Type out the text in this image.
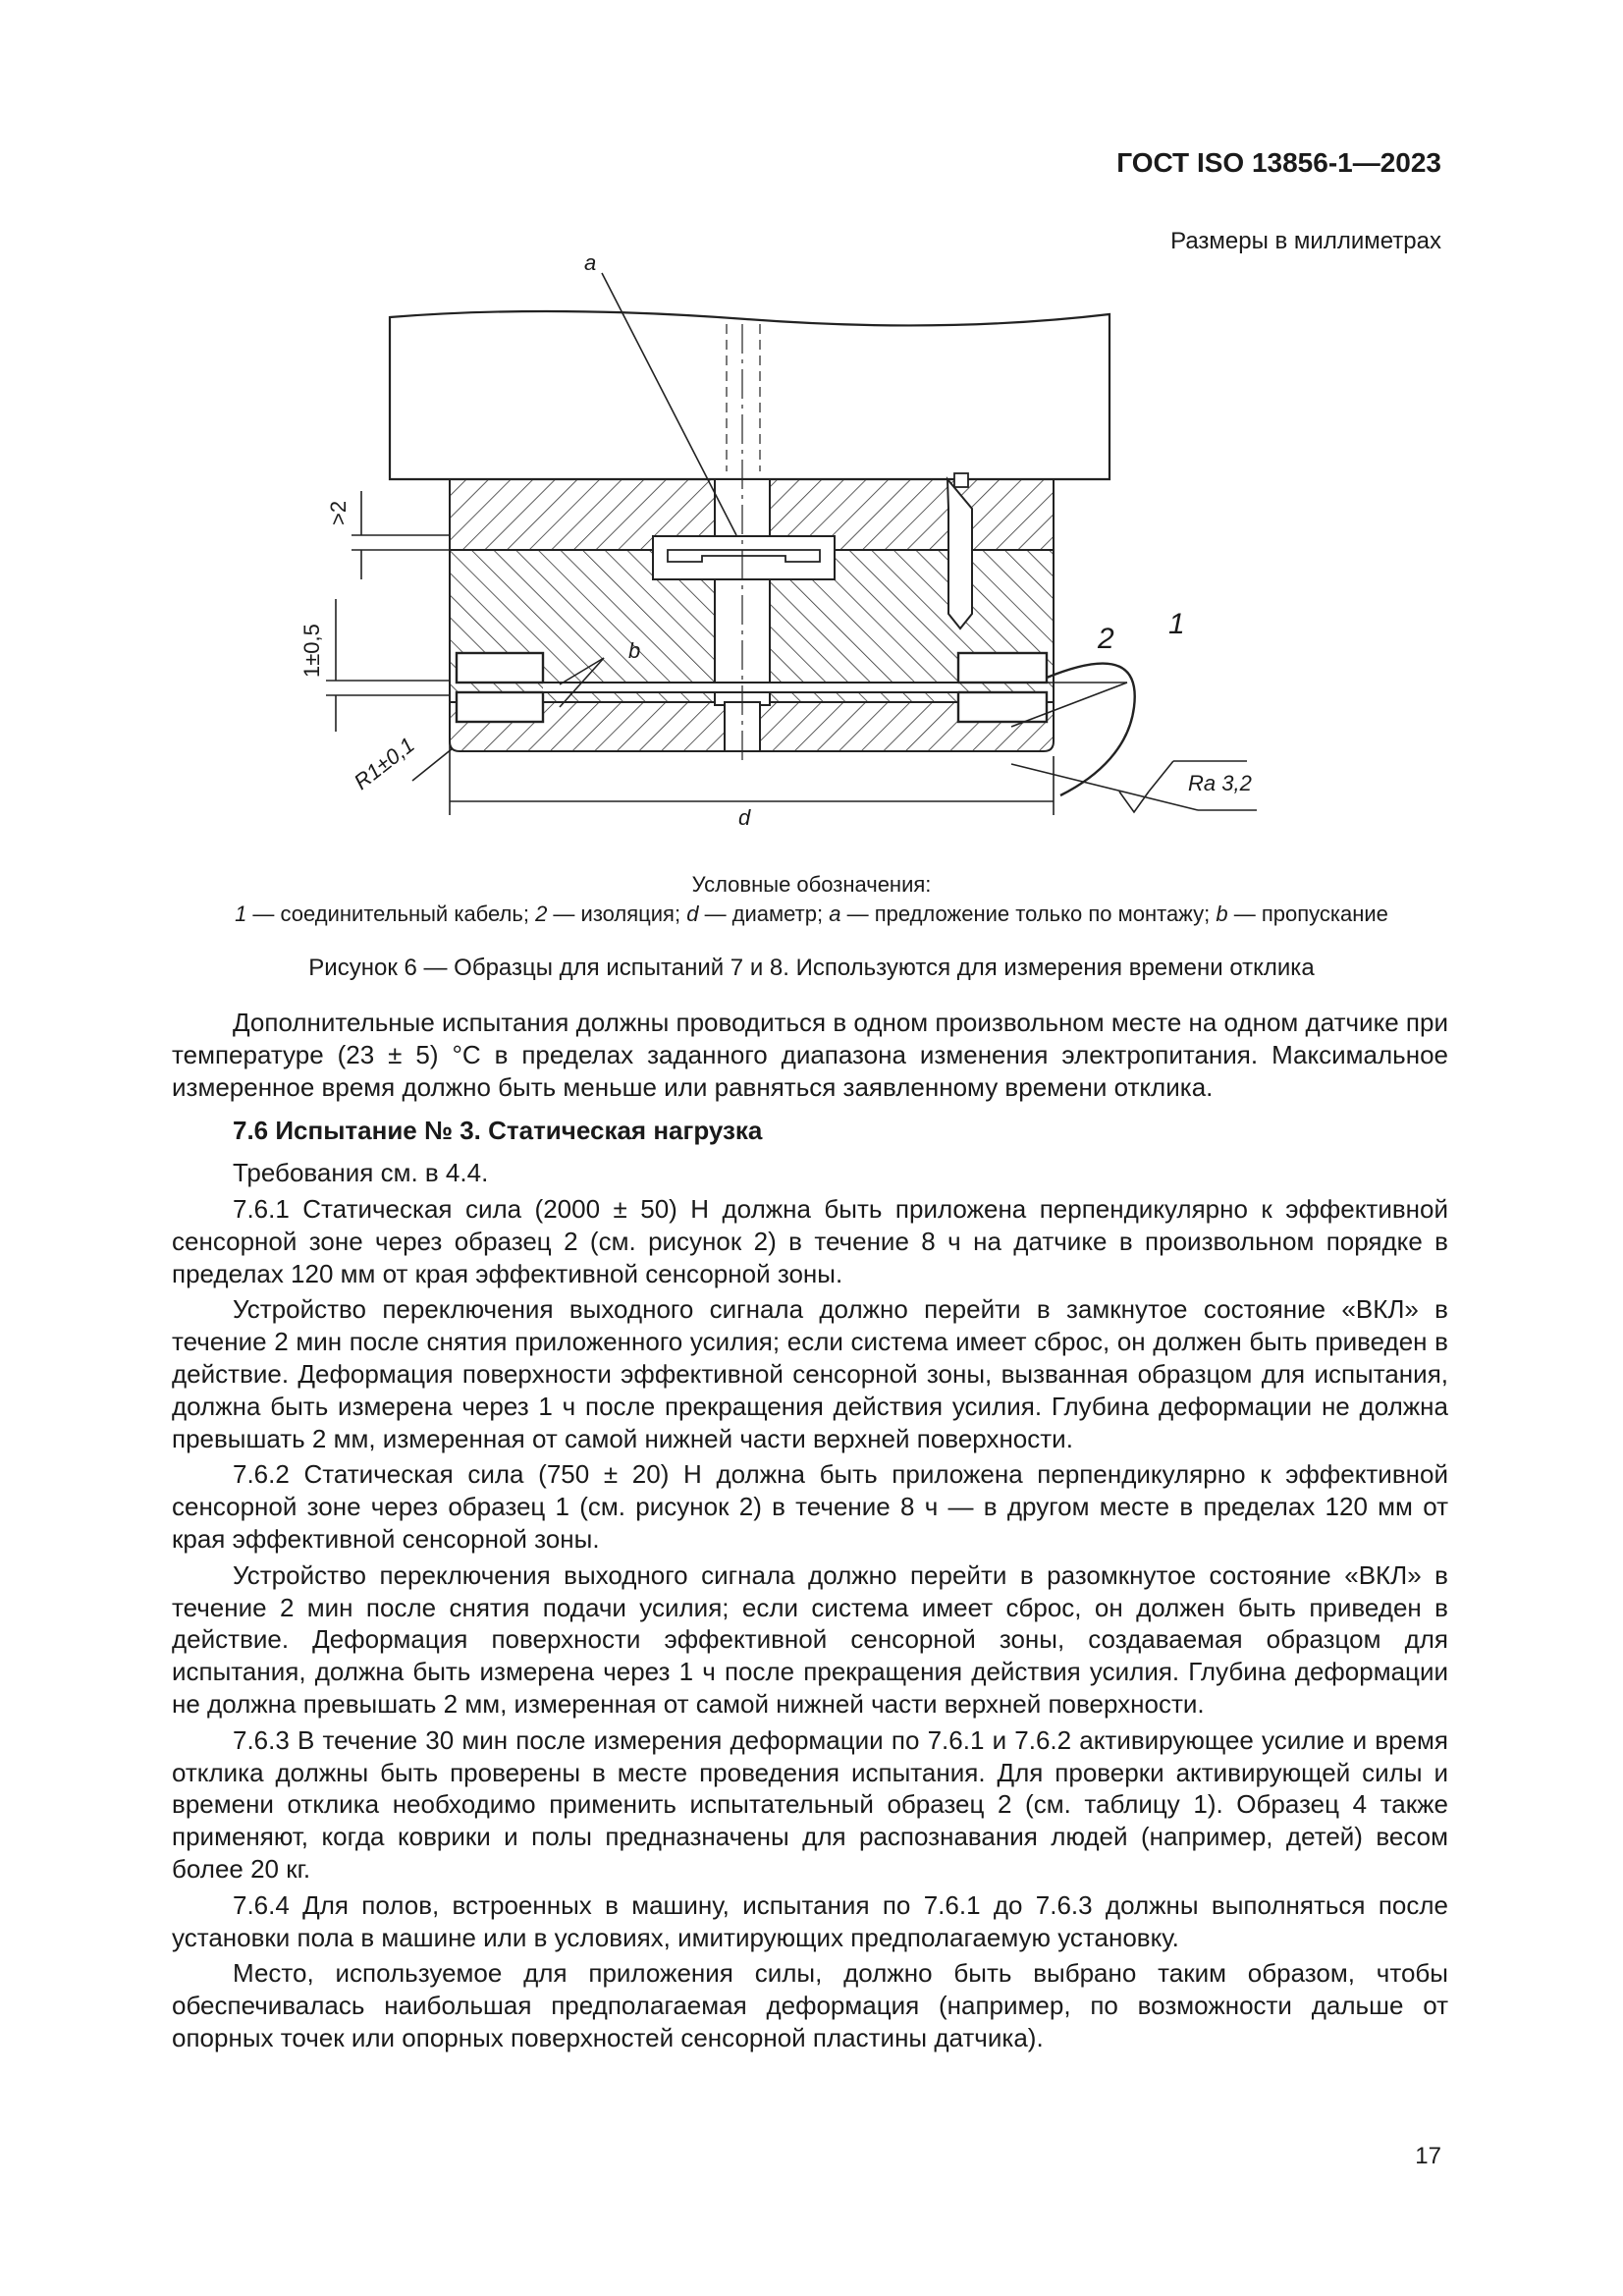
ГОСТ ISO 13856-1—2023
Размеры в миллиметрах
a
b	2 1
>2
1±0,5
R1±0,1
d
Ra 3,2
Условные обозначения:
1 — соединительный кабель; 2 — изоляция; d — диаметр; a — предложение только по монтажу; b — пропускание
Рисунок 6 — Образцы для испытаний 7 и 8. Используются для измерения времени отклика

Дополнительные испытания должны проводиться в одном произвольном месте на одном датчике при температуре (23 ± 5) °С в пределах заданного диапазона изменения электропитания. Максимальное измеренное время должно быть меньше или равняться заявленному времени отклика.

7.6 Испытание № 3. Статическая нагрузка

Требования см. в 4.4.

7.6.1 Статическая сила (2000 ± 50) Н должна быть приложена перпендикулярно к эффективной сенсорной зоне через образец 2 (см. рисунок 2) в течение 8 ч на датчике в произвольном порядке в пределах 120 мм от края эффективной сенсорной зоны.

Устройство переключения выходного сигнала должно перейти в замкнутое состояние «ВКЛ» в течение 2 мин после снятия приложенного усилия; если система имеет сброс, он должен быть приведен в действие. Деформация поверхности эффективной сенсорной зоны, вызванная образцом для испытания, должна быть измерена через 1 ч после прекращения действия усилия. Глубина деформации не должна превышать 2 мм, измеренная от самой нижней части верхней поверхности.

7.6.2 Статическая сила (750 ± 20) Н должна быть приложена перпендикулярно к эффективной сенсорной зоне через образец 1 (см. рисунок 2) в течение 8 ч — в другом месте в пределах 120 мм от края эффективной сенсорной зоны.

Устройство переключения выходного сигнала должно перейти в разомкнутое состояние «ВКЛ» в течение 2 мин после снятия подачи усилия; если система имеет сброс, он должен быть приведен в действие. Деформация поверхности эффективной сенсорной зоны, создаваемая образцом для испытания, должна быть измерена через 1 ч после прекращения действия усилия. Глубина деформации не должна превышать 2 мм, измеренная от самой нижней части верхней поверхности.

7.6.3 В течение 30 мин после измерения деформации по 7.6.1 и 7.6.2 активирующее усилие и время отклика должны быть проверены в месте проведения испытания. Для проверки активирующей силы и времени отклика необходимо применить испытательный образец 2 (см. таблицу 1). Образец 4 также применяют, когда коврики и полы предназначены для распознавания людей (например, детей) весом более 20 кг.

7.6.4 Для полов, встроенных в машину, испытания по 7.6.1 до 7.6.3 должны выполняться после установки пола в машине или в условиях, имитирующих предполагаемую установку.

Место, используемое для приложения силы, должно быть выбрано таким образом, чтобы обеспечивалась наибольшая предполагаемая деформация (например, по возможности дальше от опорных точек или опорных поверхностей сенсорной пластины датчика).

17
